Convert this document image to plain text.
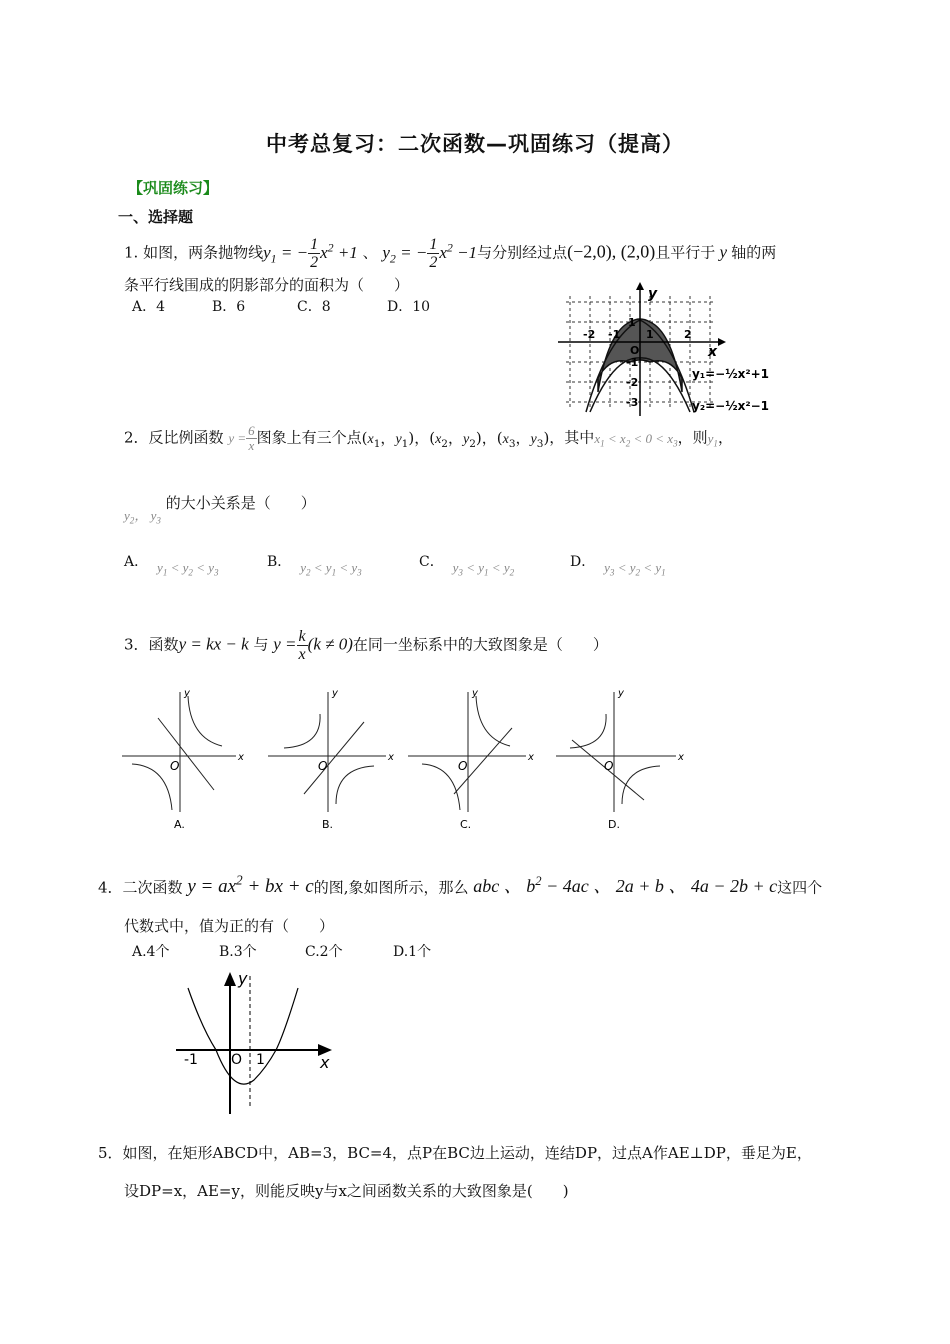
中考总复习：二次函数—巩固练习（提高）
【巩固练习】
一、选择题
1. 如图，两条抛物线$y_1$ = − $\frac{1}{2} x^2 +1$ 、 $y_2$ = − $\frac{1}{2} x^2 -1$与分别经过点(−2,0), (2,0)且平行于 y 轴的两
条平行线围成的阴影部分的面积为（　　）
A．4	B．6	C．8	D．10
-2 -1
O
1	2
1
-1
-2
-3
x
y
y₁=−½x²+1
y₂=−½x²−1
2．反比例函数 $y = \frac{6}{x}$ 图象上有三个点($x_1$，$y_1$)，($x_2$，$y_2$)，($x_3$，$y_3$)，其中$x_1 < x_2 < 0 < x_3$，则$y_1$，
$y_2$， $y_3$ 的大小关系是（　　）
A． $y_1 < y_2 < y_3$
B． $y_2 < y_1 < y_3$
C． $y_3 < y_1 < y_2$
D． $y_3 < y_2 < y_1$
3．函数y = kx − k 与 $y = \frac{k}{x} (k \ne 0)$在同一坐标系中的大致图象是（　　）
y
x
O
y
x
O
y
x
O
y
x
O
A.	B.	C.	D.
4．二次函数 $y = ax^2$ + bx + c的图,象如图所示，那么 abc 、 $b^2 - 4ac$ 、 2a + b 、 4a − 2b + c这四个
代数式中，值为正的有（　　）
A.4个	B.3个	C.2个	D.1个
-1 O 1	x
y
5．如图，在矩形ABCD中，AB=3，BC=4，点P在BC边上运动，连结DP，过点A作AE⊥DP，垂足为E，
设DP=x，AE=y，则能反映y与x之间函数关系的大致图象是(　　)
